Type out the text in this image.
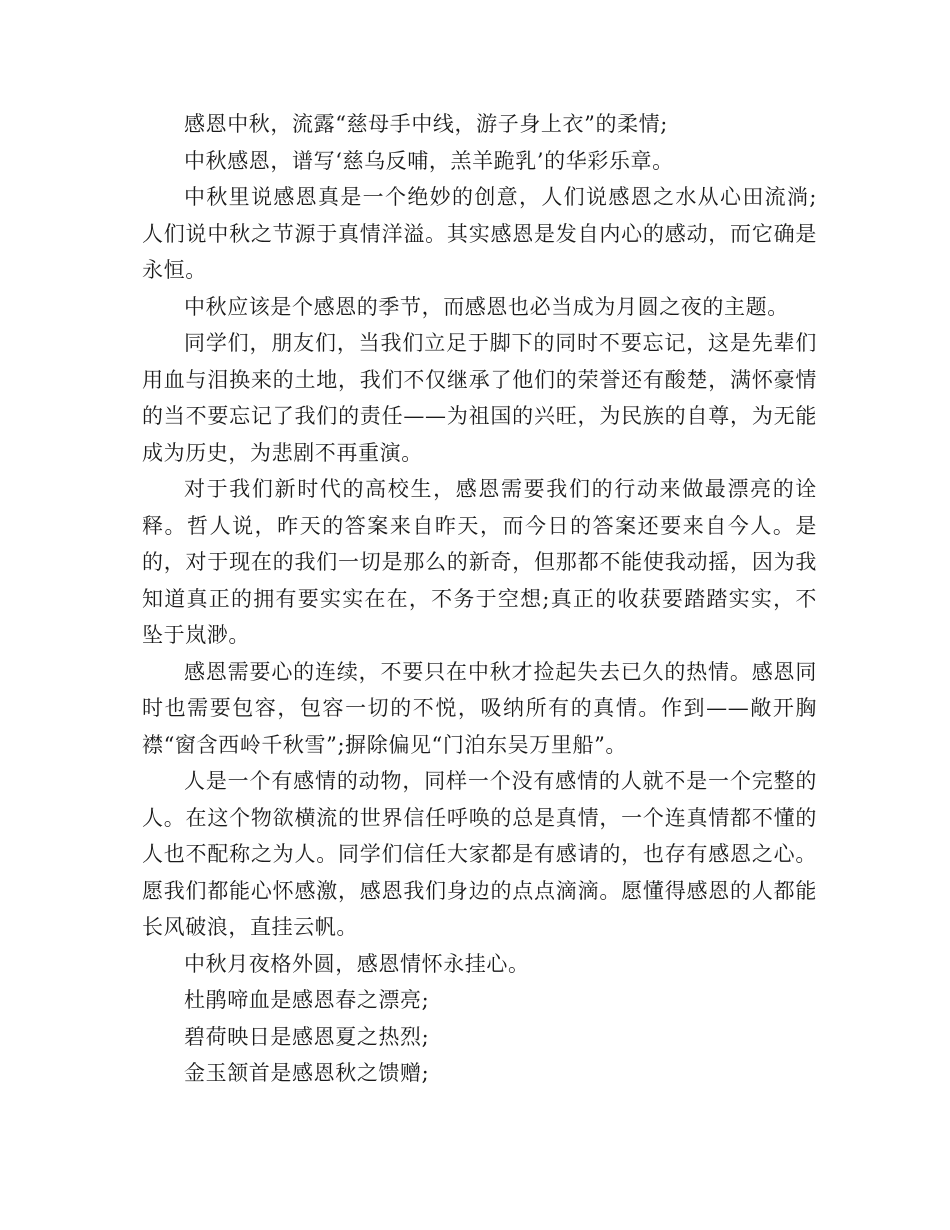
感恩中秋，流露“慈母手中线，游子身上衣”的柔情;

中秋感恩，谱写‘慈乌反哺，羔羊跪乳’的华彩乐章。

中秋里说感恩真是一个绝妙的创意，人们说感恩之水从心田流淌;人们说中秋之节源于真情洋溢。其实感恩是发自内心的感动，而它确是永恒。

中秋应该是个感恩的季节，而感恩也必当成为月圆之夜的主题。

同学们，朋友们，当我们立足于脚下的同时不要忘记，这是先辈们用血与泪换来的土地，我们不仅继承了他们的荣誉还有酸楚，满怀豪情的当不要忘记了我们的责任——为祖国的兴旺，为民族的自尊，为无能成为历史，为悲剧不再重演。

对于我们新时代的高校生，感恩需要我们的行动来做最漂亮的诠释。哲人说，昨天的答案来自昨天，而今日的答案还要来自今人。是的，对于现在的我们一切是那么的新奇，但那都不能使我动摇，因为我知道真正的拥有要实实在在，不务于空想;真正的收获要踏踏实实，不坠于岚渺。

感恩需要心的连续，不要只在中秋才捡起失去已久的热情。感恩同时也需要包容，包容一切的不悦，吸纳所有的真情。作到——敞开胸襟“窗含西岭千秋雪”;摒除偏见“门泊东吴万里船”。

人是一个有感情的动物，同样一个没有感情的人就不是一个完整的人。在这个物欲横流的世界信任呼唤的总是真情，一个连真情都不懂的人也不配称之为人。同学们信任大家都是有感请的，也存有感恩之心。愿我们都能心怀感激，感恩我们身边的点点滴滴。愿懂得感恩的人都能长风破浪，直挂云帆。

中秋月夜格外圆，感恩情怀永挂心。

杜鹃啼血是感恩春之漂亮;

碧荷映日是感恩夏之热烈;

金玉颔首是感恩秋之馈赠;
